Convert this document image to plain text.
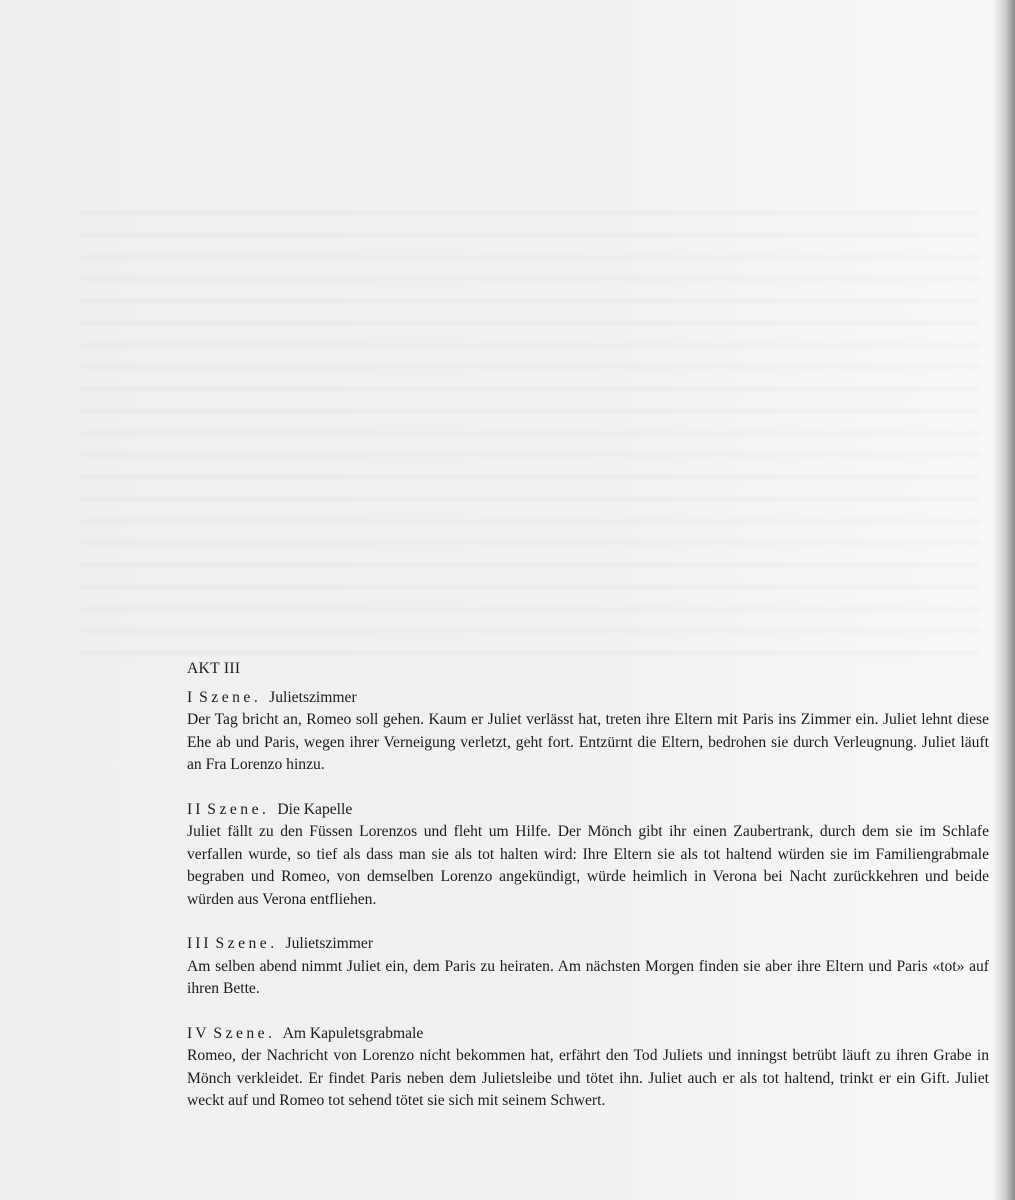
AKT III

I Szene. Julietszimmer

Der Tag bricht an, Romeo soll gehen. Kaum er Juliet verlässt hat, treten ihre Eltern mit Paris ins Zimmer ein. Juliet lehnt diese Ehe ab und Paris, wegen ihrer Verneigung verletzt, geht fort. Entzürnt die Eltern, bedrohen sie durch Verleugnung. Juliet läuft an Fra Lorenzo hinzu.

II Szene. Die Kapelle

Juliet fällt zu den Füssen Lorenzos und fleht um Hilfe. Der Mönch gibt ihr einen Zaubertrank, durch dem sie im Schlafe verfallen wurde, so tief als dass man sie als tot halten wird: Ihre Eltern sie als tot haltend würden sie im Familiengrabmale begraben und Romeo, von demselben Lorenzo angekündigt, würde heimlich in Verona bei Nacht zurückkehren und beide würden aus Verona entfliehen.

III Szene. Julietszimmer

Am selben abend nimmt Juliet ein, dem Paris zu heiraten. Am nächsten Morgen finden sie aber ihre Eltern und Paris «tot» auf ihren Bette.

IV Szene. Am Kapuletsgrabmale

Romeo, der Nachricht von Lorenzo nicht bekommen hat, erfährt den Tod Juliets und inningst betrübt läuft zu ihren Grabe in Mönch verkleidet. Er findet Paris neben dem Julietsleibe und tötet ihn. Juliet auch er als tot haltend, trinkt er ein Gift. Juliet weckt auf und Romeo tot sehend tötet sie sich mit seinem Schwert.
